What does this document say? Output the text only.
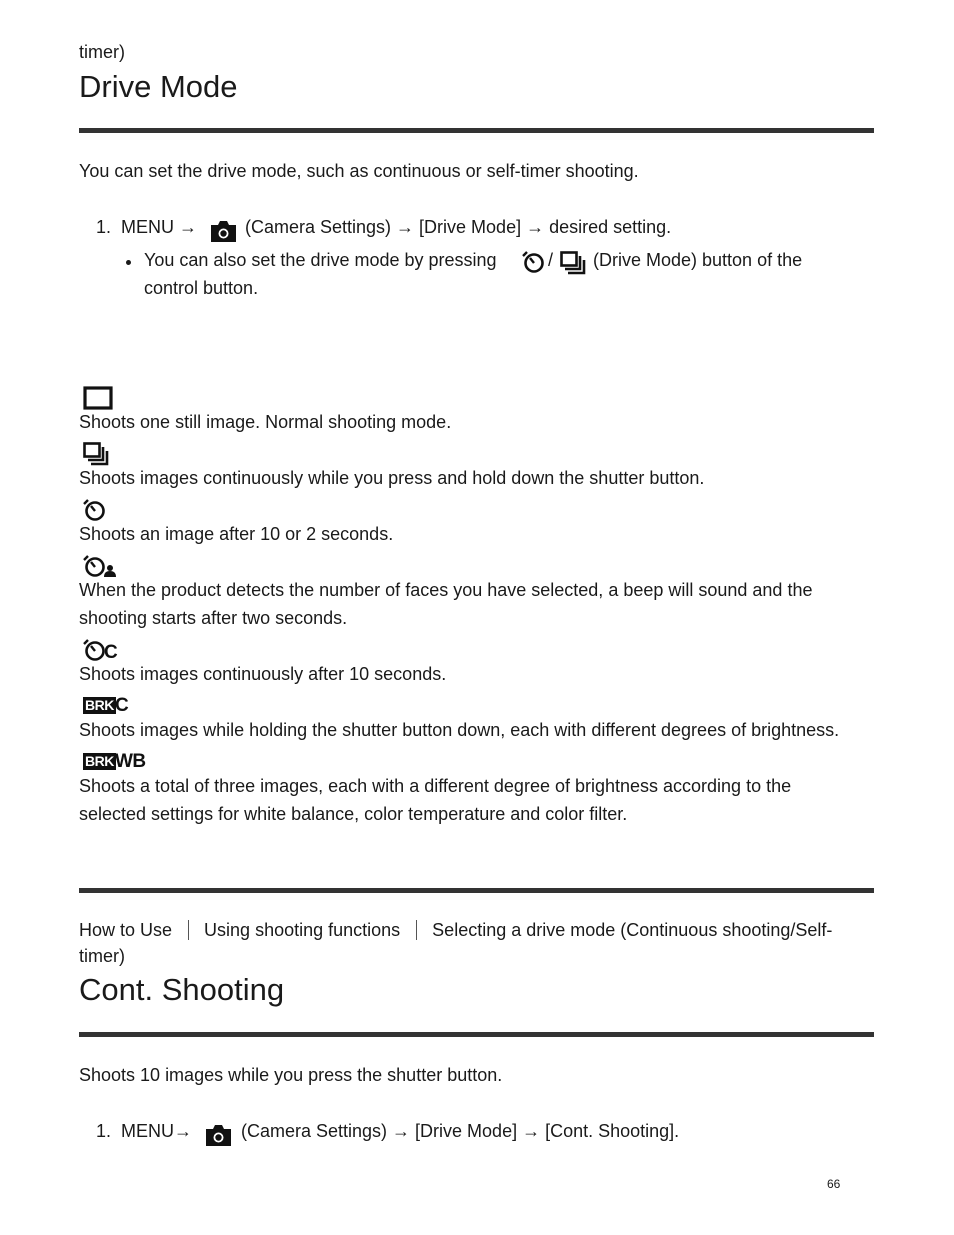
timer)
Drive Mode
You can set the drive mode, such as continuous or self-timer shooting.
1. MENU →	(Camera Settings) → [Drive Mode] → desired setting.
You can also set the drive mode by pressing	/ (Drive Mode) button of the
control button.
Shoots one still image. Normal shooting mode.
Shoots images continuously while you press and hold down the shutter button.
Shoots an image after 10 or 2 seconds.
When the product detects the number of faces you have selected, a beep will sound and the
shooting starts after two seconds.
C
Shoots images continuously after 10 seconds.
BRK C
Shoots images while holding the shutter button down, each with different degrees of brightness.
BRK WB
Shoots a total of three images, each with a different degree of brightness according to the
selected settings for white balance, color temperature and color filter.
How to Use Using shooting functions Selecting a drive mode (Continuous shooting/Self-
timer)
Cont. Shooting
Shoots 10 images while you press the shutter button.
1. MENU→	(Camera Settings) → [Drive Mode] → [Cont. Shooting].
66
